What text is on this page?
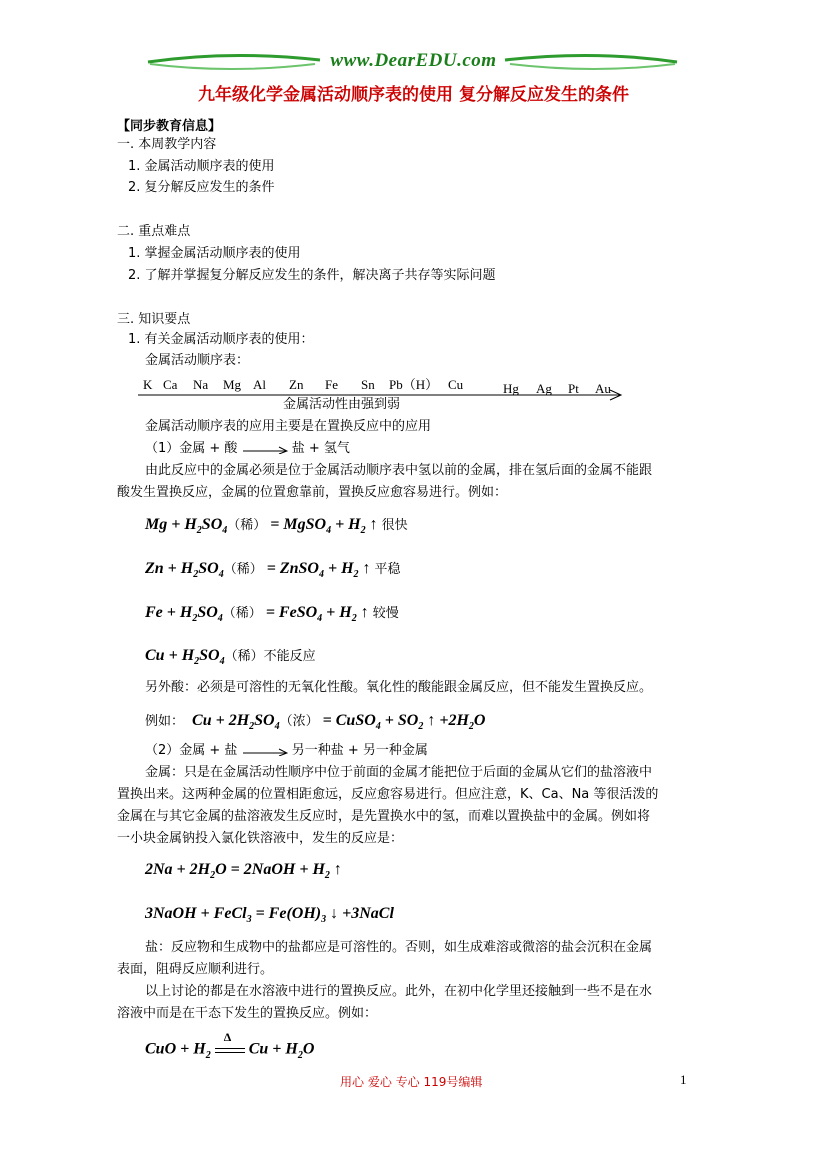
www.DearEDU.com
九年级化学金属活动顺序表的使用 复分解反应发生的条件
【同步教育信息】
一. 本周教学内容
1. 金属活动顺序表的使用
2. 复分解反应发生的条件
二. 重点难点
1. 掌握金属活动顺序表的使用
2. 了解并掌握复分解反应发生的条件，解决离子共存等实际问题
三. 知识要点
1. 有关金属活动顺序表的使用：
金属活动顺序表：
K Ca Na Mg Al Zn Fe Sn Pb（H） Cu	Hg Ag Pt Au
金属活动性由强到弱
金属活动顺序表的应用主要是在置换反应中的应用
（1）金属 + 酸	盐 + 氢气
由此反应中的金属必须是位于金属活动顺序表中氢以前的金属，排在氢后面的金属不能跟
酸发生置换反应，金属的位置愈靠前，置换反应愈容易进行。例如：
$Mg + H_2SO_4$（稀） = MgSO$_4$ + $H_2$ ↑ 很快
$Zn + H_2SO_4$（稀） = ZnSO$_4$ + $H_2$ ↑ 平稳
$Fe + H_2SO_4$（稀） = FeSO$_4$ + $H_2$ ↑ 较慢
$Cu + H_2SO_4$（稀）不能反应
另外酸：必须是可溶性的无氧化性酸。氧化性的酸能跟金属反应，但不能发生置换反应。
例如：  $Cu + 2H_2SO_4$（浓） = CuSO$_4$ + $SO_2$ ↑ $+2H_2O$
（2）金属 + 盐	另一种盐 + 另一种金属
金属：只是在金属活动性顺序中位于前面的金属才能把位于后面的金属从它们的盐溶液中
置换出来。这两种金属的位置相距愈远，反应愈容易进行。但应注意，K、Ca、Na 等很活泼的
金属在与其它金属的盐溶液发生反应时，是先置换水中的氢，而难以置换盐中的金属。例如将
一小块金属钠投入氯化铁溶液中，发生的反应是：
$2Na + 2H_2O$ = 2NaOH + $H_2$ ↑
3NaOH + FeCl$_3$ = $Fe(OH)_3$ ↓ +3NaCl
盐：反应物和生成物中的盐都应是可溶性的。否则，如生成难溶或微溶的盐会沉积在金属
表面，阻碍反应顺利进行。
以上讨论的都是在水溶液中进行的置换反应。此外，在初中化学里还接触到一些不是在水
溶液中而是在干态下发生的置换反应。例如：
CuO + $H_2$
Δ
$Cu + H_2O$
用心 爱心 专心 119号编辑	1
